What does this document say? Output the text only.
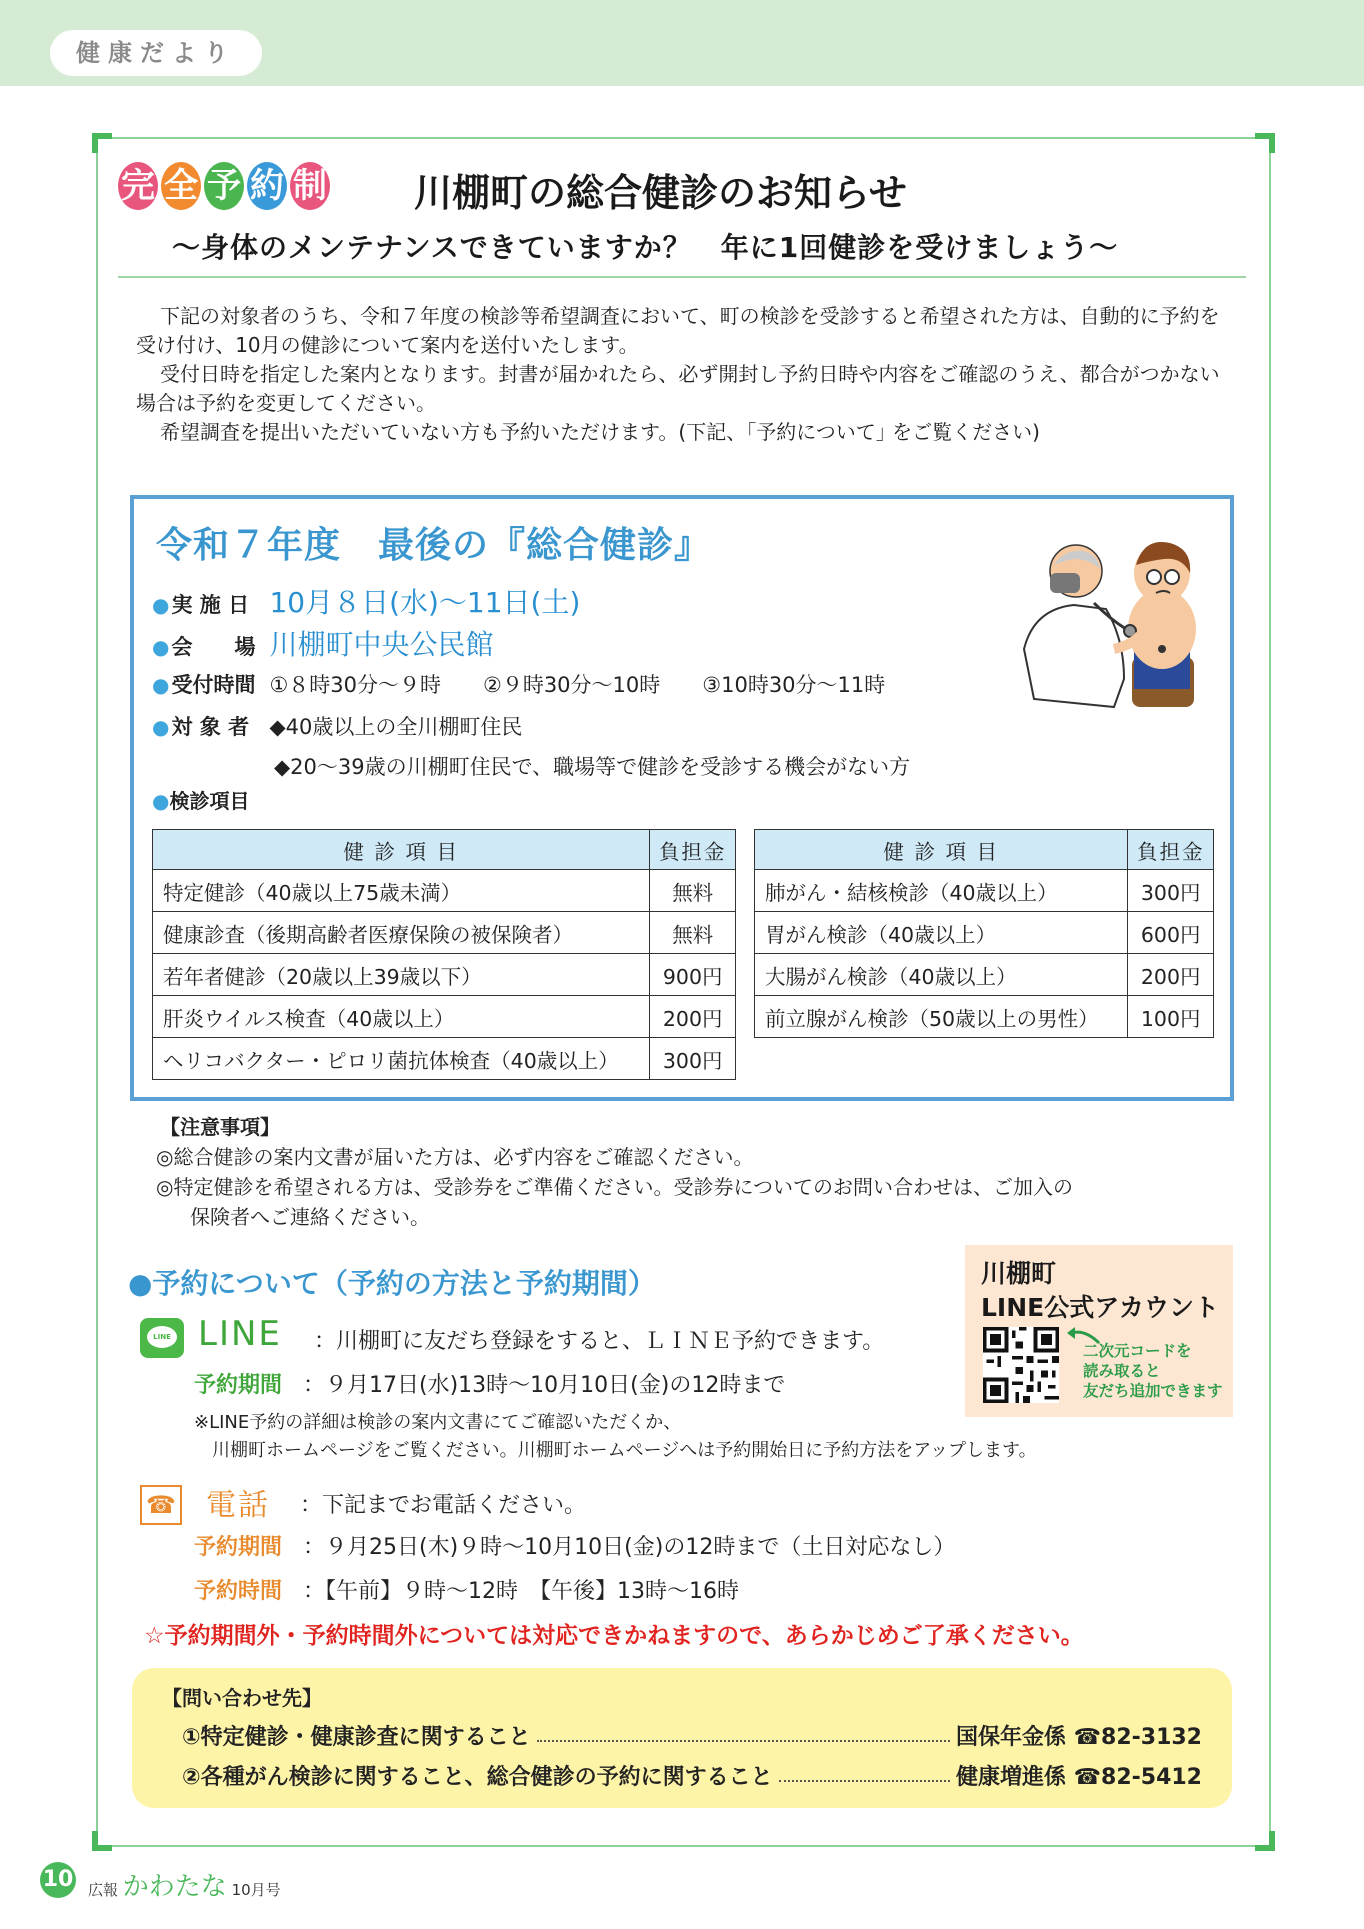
健康だより
完 全 予 約 制 川棚町の総合健診のお知らせ
〜身体のメンテナンスできていますか？　年に1回健診を受けましょう〜

下記の対象者のうち、令和７年度の検診等希望調査において、町の検診を受診すると希望された方は、自動的に予約を受け付け、10月の健診について案内を送付いたします。

受付日時を指定した案内となります。封書が届かれたら、必ず開封し予約日時や内容をご確認のうえ、都合がつかない場合は予約を変更してください。

希望調査を提出いただいていない方も予約いただけます。(下記、｢予約について｣ をご覧ください)

令和７年度　最後の『総合健診』
● 実 施 日 10月８日(水)〜11日(土)
● 会　　場 川棚町中央公民館
● 受付時間 ①８時30分〜９時　　②９時30分〜10時　　③10時30分〜11時
● 対 象 者 ◆40歳以上の全川棚町住民
◆20〜39歳の川棚町住民で、職場等で健診を受診する機会がない方
●検診項目
健 診 項 目	負担金
特定健診（40歳以上75歳未満）	無料
健康診査（後期高齢者医療保険の被保険者）	無料
若年者健診（20歳以上39歳以下）	900円
肝炎ウイルス検査（40歳以上）	200円
ヘリコバクター・ピロリ菌抗体検査（40歳以上）	300円
健 診 項 目	負担金
肺がん・結核検診（40歳以上）	300円
胃がん検診（40歳以上）	600円
大腸がん検診（40歳以上）	200円
前立腺がん検診（50歳以上の男性）	100円
【注意事項】
◎総合健診の案内文書が届いた方は、必ず内容をご確認ください。
◎特定健診を希望される方は、受診券をご準備ください。受診券についてのお問い合わせは、ご加入の
保険者へご連絡ください。
●予約について（予約の方法と予約期間）	川棚町
LINE公式アカウント
二次元コードを
読み取ると
友だち追加できます
LINE LINE ：川棚町に友だち登録をすると、ＬＩＮＥ予約できます。
予約期間 ：９月17日(水)13時〜10月10日(金)の12時まで
※LINE予約の詳細は検診の案内文書にてご確認いただくか、
川棚町ホームページをご覧ください。川棚町ホームページへは予約開始日に予約方法をアップします。
☎ 電話 ：下記までお電話ください。
予約期間 ：９月25日(木)９時〜10月10日(金)の12時まで（土日対応なし）
予約時間 ：【午前】９時〜12時　【午後】13時〜16時
☆予約期間外・予約時間外については対応できかねますので、あらかじめご了承ください。
【問い合わせ先】
①特定健診・健康診査に関すること	国保年金係 ☎82-3132
②各種がん検診に関すること、総合健診の予約に関すること	健康増進係 ☎82-5412
10 広報 かわたな 10月号
